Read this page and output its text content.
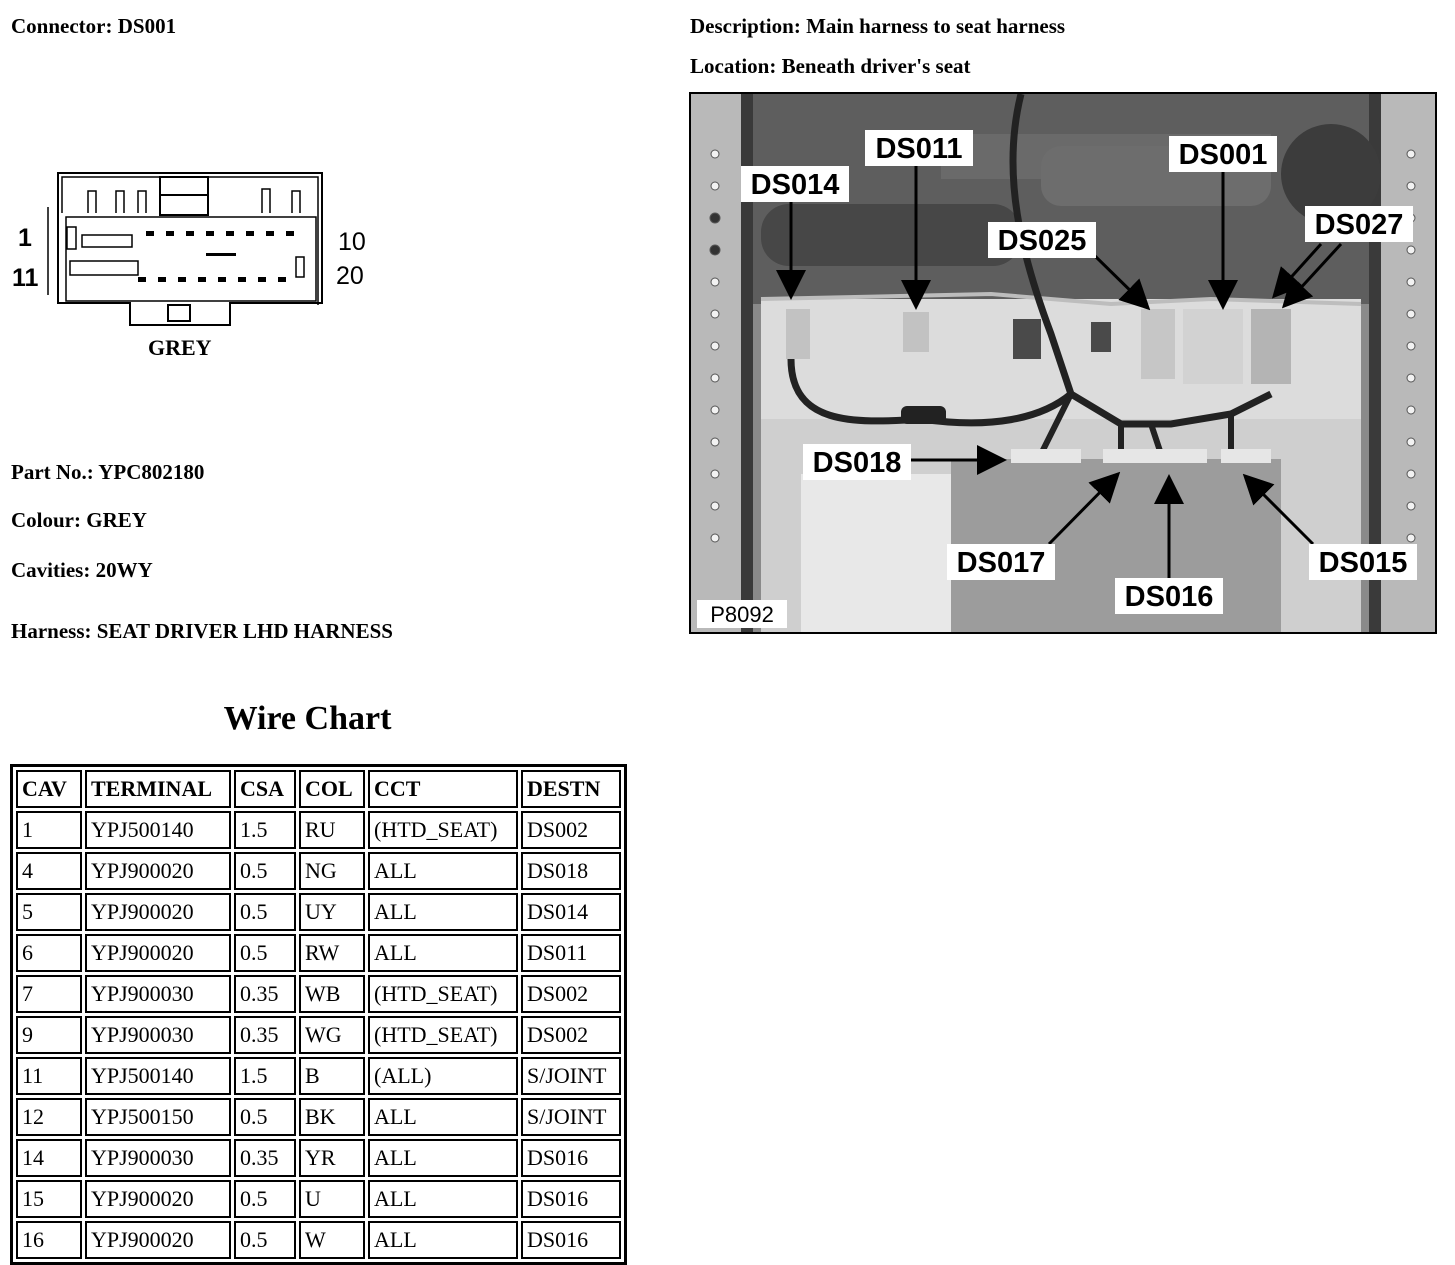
Connector: DS001	Description: Main harness to seat harness
Location: Beneath driver's seat
1
11
10
20
GREY
Part No.: YPC802180
Colour: GREY
Cavities: 20WY
Harness: SEAT DRIVER LHD HARNESS
Wire Chart
CAV	TERMINAL	CSA	COL	CCT	DESTN
1	YPJ500140	1.5	RU	(HTD_SEAT)	DS002
4	YPJ900020	0.5	NG	ALL	DS018
5	YPJ900020	0.5	UY	ALL	DS014
6	YPJ900020	0.5	RW	ALL	DS011
7	YPJ900030	0.35	WB	(HTD_SEAT)	DS002
9	YPJ900030	0.35	WG	(HTD_SEAT)	DS002
11	YPJ500140	1.5	B	(ALL)	S/JOINT
12	YPJ500150	0.5	BK	ALL	S/JOINT
14	YPJ900030	0.35	YR	ALL	DS016
15	YPJ900020	0.5	U	ALL	DS016
16	YPJ900020	0.5	W	ALL	DS016
DS011	DS001
DS014
DS025	DS027
DS018
DS017
DS016
DS015
P8092
